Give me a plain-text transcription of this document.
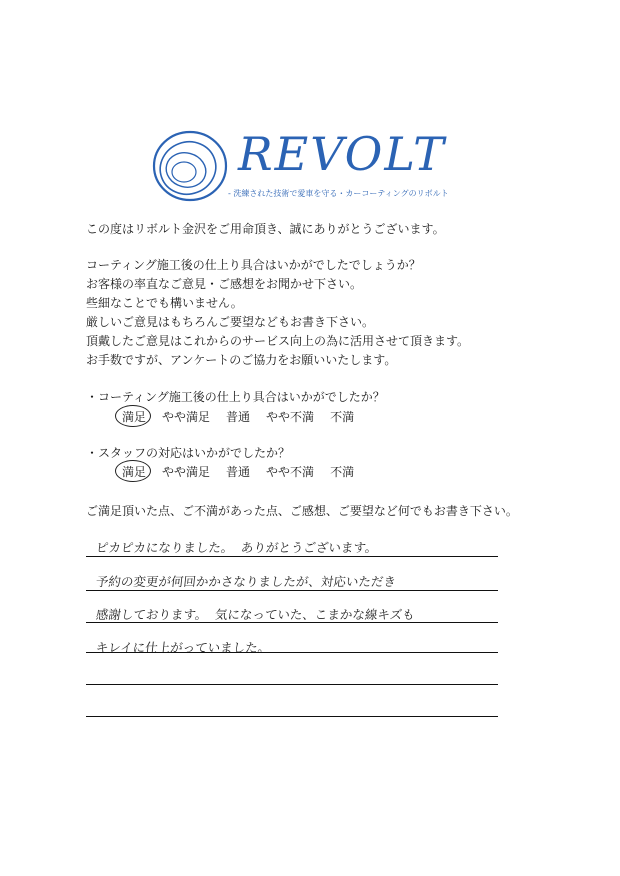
REVOLT
- 洗練された技術で愛車を守る・カーコーティングのリボルト
この度はリボルト金沢をご用命頂き、誠にありがとうございます。
コーティング施工後の仕上り具合はいかがでしたでしょうか？
お客様の率直なご意見・ご感想をお聞かせ下さい。
些細なことでも構いません。
厳しいご意見はもちろんご要望などもお書き下さい。
頂戴したご意見はこれからのサービス向上の為に活用させて頂きます。
お手数ですが、アンケートのご協力をお願いいたします。
・コーティング施工後の仕上り具合はいかがでしたか？
満足 やや満足 普通 やや不満 不満
・スタッフの対応はいかがでしたか？
満足 やや満足 普通 やや不満 不満
ご満足頂いた点、ご不満があった点、ご感想、ご要望など何でもお書き下さい。
ピカピカになりました。 ありがとうございます。
予約の変更が何回かかさなりましたが、対応いただき
感謝しております。 気になっていた、こまかな線キズも
キレイに仕上がっていました。
